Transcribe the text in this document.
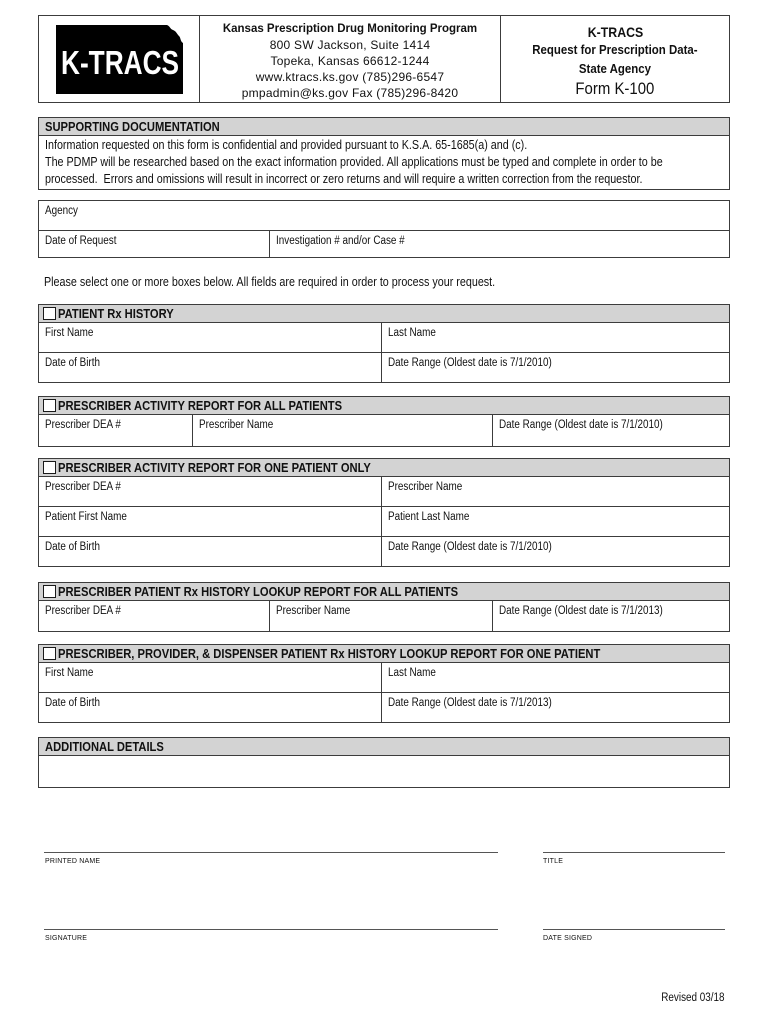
K-TRACS
Kansas Prescription Drug Monitoring Program
800 SW Jackson, Suite 1414
Topeka, Kansas 66612-1244
www.ktracs.ks.gov (785)296-6547
pmpadmin@ks.gov Fax (785)296-8420
K-TRACS
Request for Prescription Data-
State Agency
Form K-100
SUPPORTING DOCUMENTATION
Information requested on this form is confidential and provided pursuant to K.S.A. 65-1685(a) and (c).
The PDMP will be researched based on the exact information provided. All applications must be typed and complete in order to be
processed.  Errors and omissions will result in incorrect or zero returns and will require a written correction from the requestor.
Agency
Date of Request	Investigation # and/or Case #
Please select one or more boxes below. All fields are required in order to process your request.
PATIENT Rx HISTORY
First Name	Last Name
Date of Birth	Date Range (Oldest date is 7/1/2010)
PRESCRIBER ACTIVITY REPORT FOR ALL PATIENTS
Prescriber DEA #	Prescriber Name	Date Range (Oldest date is 7/1/2010)
PRESCRIBER ACTIVITY REPORT FOR ONE PATIENT ONLY
Prescriber DEA #	Prescriber Name
Patient First Name	Patient Last Name
Date of Birth	Date Range (Oldest date is 7/1/2010)
PRESCRIBER PATIENT Rx HISTORY LOOKUP REPORT FOR ALL PATIENTS
Prescriber DEA #	Prescriber Name	Date Range (Oldest date is 7/1/2013)
PRESCRIBER, PROVIDER, & DISPENSER PATIENT Rx HISTORY LOOKUP REPORT FOR ONE PATIENT
First Name	Last Name
Date of Birth	Date Range (Oldest date is 7/1/2013)
ADDITIONAL DETAILS
PRINTED NAME	TITLE
SIGNATURE	DATE SIGNED
Revised 03/18
